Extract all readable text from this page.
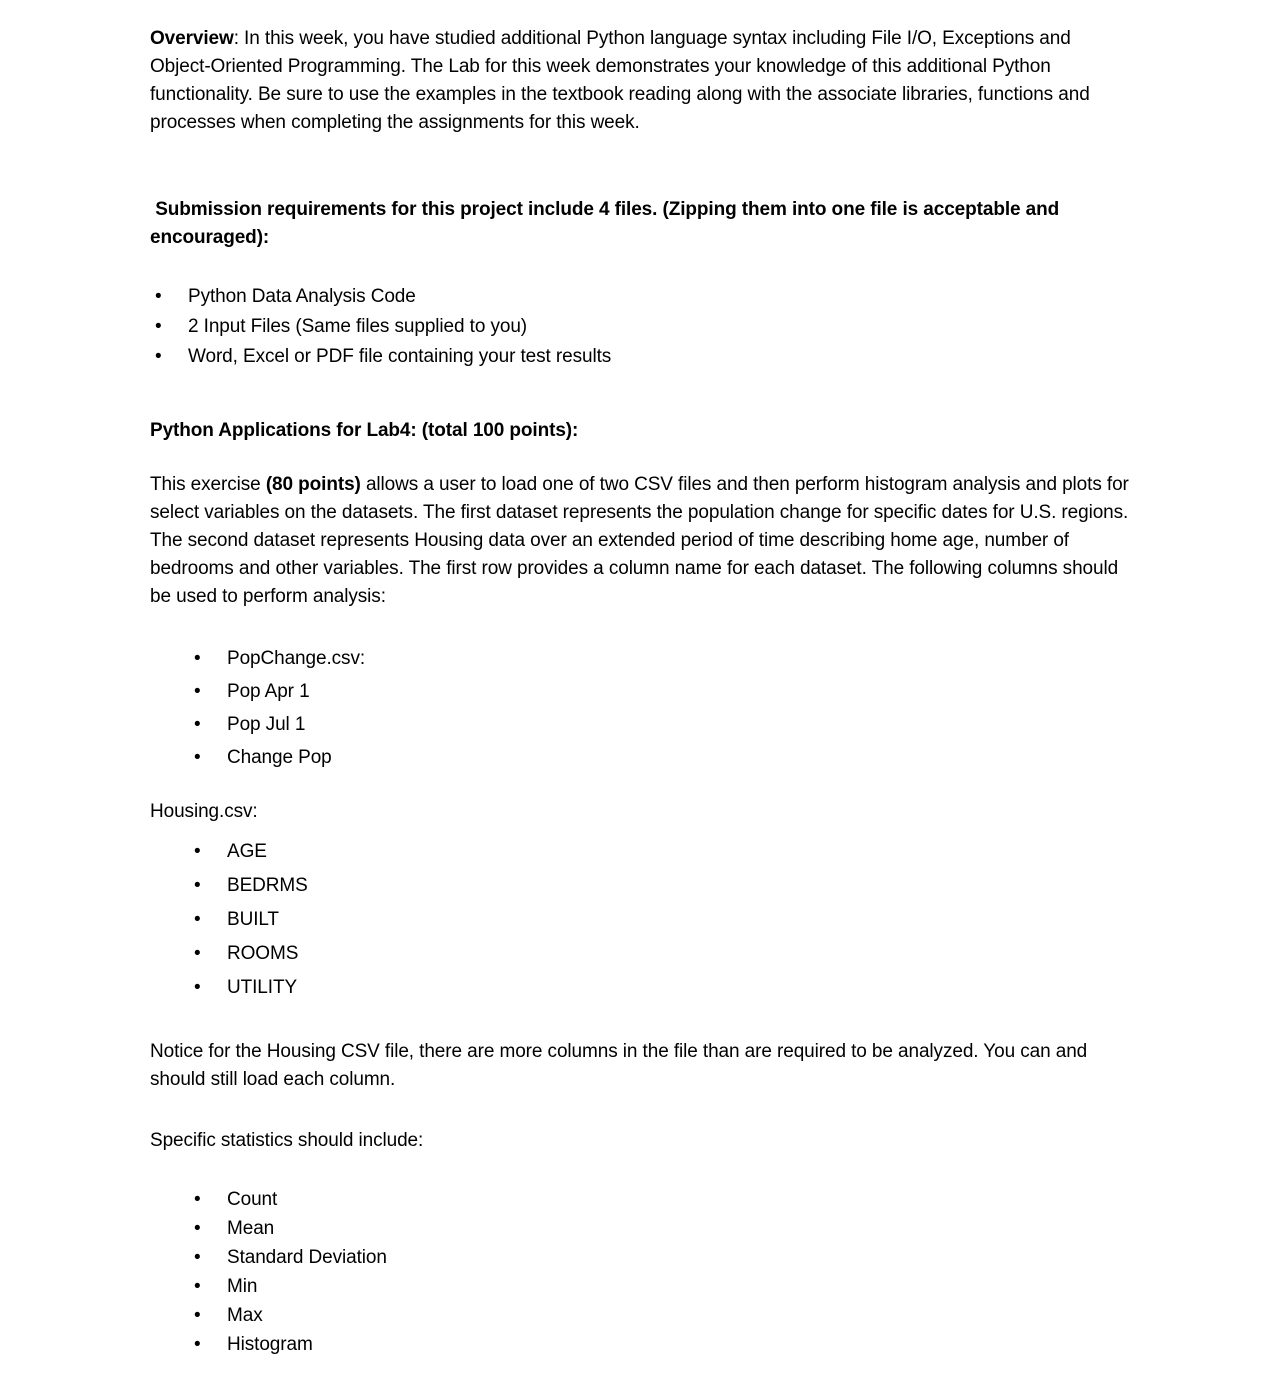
Overview: In this week, you have studied additional Python language syntax including File I/O, Exceptions and Object-Oriented Programming. The Lab for this week demonstrates your knowledge of this additional Python functionality. Be sure to use the examples in the textbook reading along with the associate libraries, functions and processes when completing the assignments for this week.

Submission requirements for this project include 4 files. (Zipping them into one file is acceptable and encouraged):

• Python Data Analysis Code
• 2 Input Files (Same files supplied to you)
• Word, Excel or PDF file containing your test results

Python Applications for Lab4: (total 100 points):

This exercise (80 points) allows a user to load one of two CSV files and then perform histogram analysis and plots for select variables on the datasets. The first dataset represents the population change for specific dates for U.S. regions. The second dataset represents Housing data over an extended period of time describing home age, number of bedrooms and other variables. The first row provides a column name for each dataset. The following columns should be used to perform analysis:

• PopChange.csv:
• Pop Apr 1
• Pop Jul 1
• Change Pop

Housing.csv:

• AGE
• BEDRMS
• BUILT
• ROOMS
• UTILITY

Notice for the Housing CSV file, there are more columns in the file than are required to be analyzed. You can and should still load each column.

Specific statistics should include:

• Count
• Mean
• Standard Deviation
• Min
• Max
• Histogram
